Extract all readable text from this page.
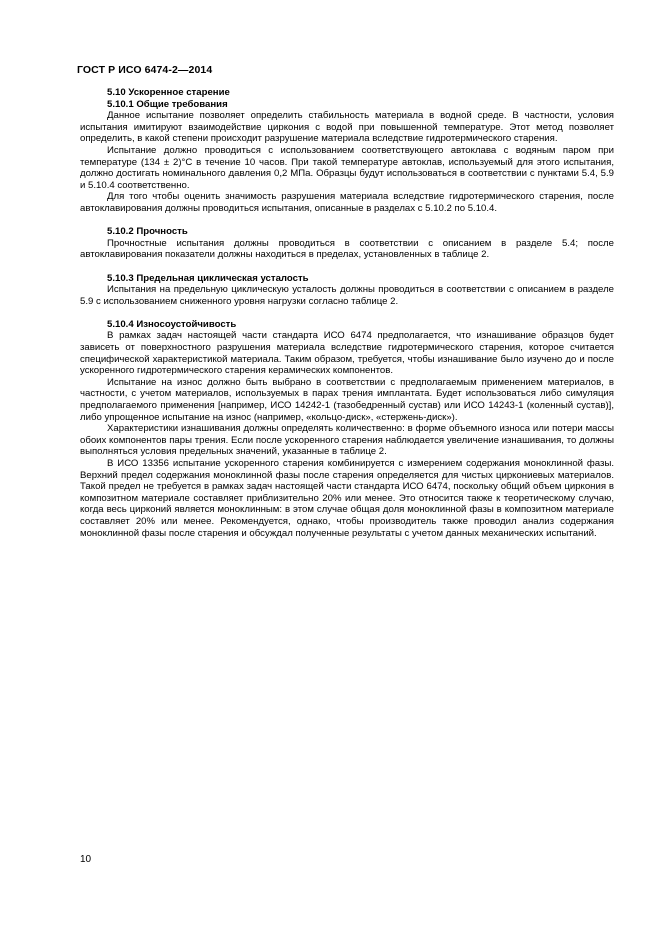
ГОСТ Р ИСО 6474-2—2014
5.10 Ускоренное старение
5.10.1 Общие требования

Данное испытание позволяет определить стабильность материала в водной среде. В частности, условия испытания имитируют взаимодействие циркония с водой при повышенной температуре. Этот метод позволяет определить, в какой степени происходит разрушение материала вследствие гидротермического старения.

Испытание должно проводиться с использованием соответствующего автоклава с водяным паром при температуре (134 ± 2)°С в течение 10 часов. При такой температуре автоклав, используемый для этого испытания, должно достигать номинального давления 0,2 МПа. Образцы будут использоваться в соответствии с пунктами 5.4, 5.9 и 5.10.4 соответственно.

Для того чтобы оценить значимость разрушения материала вследствие гидротермического старения, после автоклавирования должны проводиться испытания, описанные в разделах с 5.10.2 по 5.10.4.

5.10.2 Прочность

Прочностные испытания должны проводиться в соответствии с описанием в разделе 5.4; после автоклавирования показатели должны находиться в пределах, установленных в таблице 2.

5.10.3 Предельная циклическая усталость

Испытания на предельную циклическую усталость должны проводиться в соответствии с описанием в разделе 5.9 с использованием сниженного уровня нагрузки согласно таблице 2.

5.10.4 Износоустойчивость

В рамках задач настоящей части стандарта ИСО 6474 предполагается, что изнашивание образцов будет зависеть от поверхностного разрушения материала вследствие гидротермического старения, которое считается специфической характеристикой материала. Таким образом, требуется, чтобы изнашивание было изучено до и после ускоренного гидротермического старения керамических компонентов.

Испытание на износ должно быть выбрано в соответствии с предполагаемым применением материалов, в частности, с учетом материалов, используемых в парах трения имплантата. Будет использоваться либо симуляция предполагаемого применения [например, ИСО 14242-1 (тазобедренный сустав) или ИСО 14243-1 (коленный сустав)], либо упрощенное испытание на износ (например, «кольцо-диск», «стержень-диск»).

Характеристики изнашивания должны определять количественно: в форме объемного износа или потери массы обоих компонентов пары трения. Если после ускоренного старения наблюдается увеличение изнашивания, то должны выполняться условия предельных значений, указанные в таблице 2.

В ИСО 13356 испытание ускоренного старения комбинируется с измерением содержания моноклинной фазы. Верхний предел содержания моноклинной фазы после старения определяется для чистых циркониевых материалов. Такой предел не требуется в рамках задач настоящей части стандарта ИСО 6474, поскольку общий объем циркония в композитном материале составляет приблизительно 20% или менее. Это относится также к теоретическому случаю, когда весь цирконий является моноклинным: в этом случае общая доля моноклинной фазы в композитном материале составляет 20% или менее. Рекомендуется, однако, чтобы производитель также проводил анализ содержания моноклинной фазы после старения и обсуждал полученные результаты с учетом данных механических испытаний.

10
